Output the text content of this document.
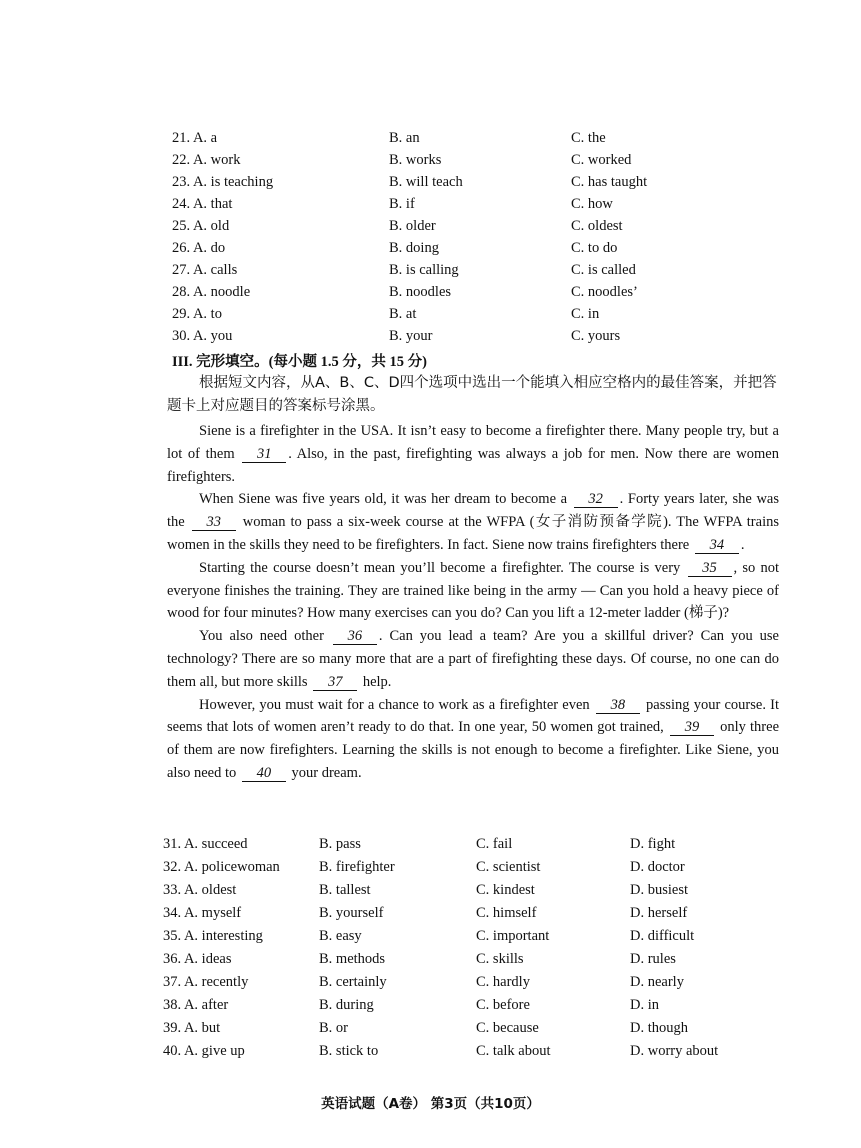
21. A. a	B. an	C. the
22. A. work	B. works	C. worked
23. A. is teaching	B. will teach	C. has taught
24. A. that	B. if	C. how
25. A. old	B. older	C. oldest
26. A. do	B. doing	C. to do
27. A. calls	B. is calling	C. is called
28. A. noodle	B. noodles	C. noodles’
29. A. to	B. at	C. in
30. A. you	B. your	C. yours
III. 完形填空。(每小题 1.5 分，共 15 分)

根据短文内容，从A、B、C、D四个选项中选出一个能填入相应空格内的最佳答案，并把答题卡上对应题目的答案标号涂黑。

Siene is a firefighter in the USA. It isn’t easy to become a firefighter there. Many people try, but a lot of them 31 . Also, in the past, firefighting was always a job for men. Now there are women firefighters.

When Siene was five years old, it was her dream to become a 32 . Forty years later, she was the 33 woman to pass a six-week course at the WFPA (女子消防预备学院). The WFPA trains women in the skills they need to be firefighters. In fact. Siene now trains firefighters there 34 .

Starting the course doesn’t mean you’ll become a firefighter. The course is very 35 , so not everyone finishes the training. They are trained like being in the army — Can you hold a heavy piece of wood for four minutes? How many exercises can you do? Can you lift a 12-meter ladder (梯子)?

You also need other 36 . Can you lead a team? Are you a skillful driver? Can you use technology? There are so many more that are a part of firefighting these days. Of course, no one can do them all, but more skills 37 help.

However, you must wait for a chance to work as a firefighter even 38 passing your course. It seems that lots of women aren’t ready to do that. In one year, 50 women got trained, 39 only three of them are now firefighters. Learning the skills is not enough to become a firefighter. Like Siene, you also need to 40 your dream.

31. A. succeed	B. pass	C. fail	D. fight
32. A. policewoman	B. firefighter	C. scientist	D. doctor
33. A. oldest	B. tallest	C. kindest	D. busiest
34. A. myself	B. yourself	C. himself	D. herself
35. A. interesting	B. easy	C. important	D. difficult
36. A. ideas	B. methods	C. skills	D. rules
37. A. recently	B. certainly	C. hardly	D. nearly
38. A. after	B. during	C. before	D. in
39. A. but	B. or	C. because	D. though
40. A. give up	B. stick to	C. talk about	D. worry about
英语试题（A卷） 第3页（共10页）
